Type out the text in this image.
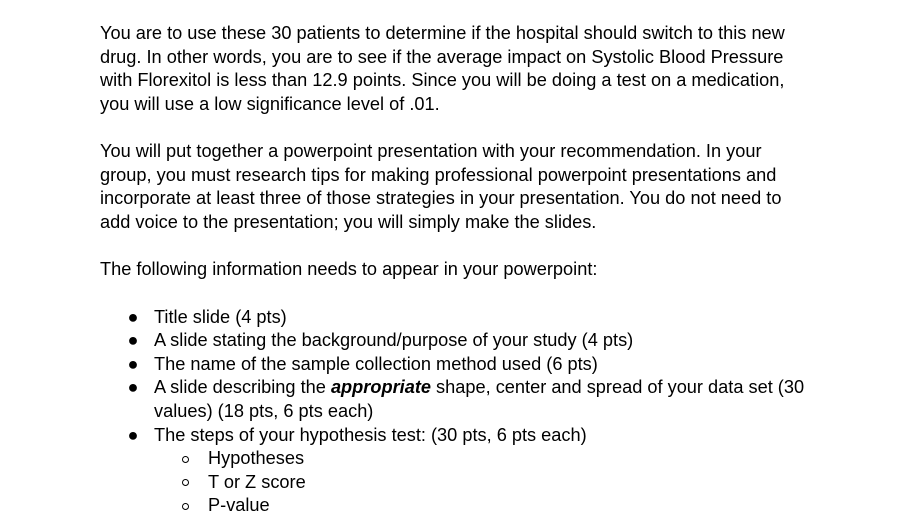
You are to use these 30 patients to determine if the hospital should switch to this new drug. In other words, you are to see if the average impact on Systolic Blood Pressure with Florexitol is less than 12.9 points. Since you will be doing a test on a medication, you will use a low significance level of .01.

You will put together a powerpoint presentation with your recommendation. In your group, you must research tips for making professional powerpoint presentations and incorporate at least three of those strategies in your presentation. You do not need to add voice to the presentation; you will simply make the slides.

The following information needs to appear in your powerpoint:

● Title slide (4 pts)
● A slide stating the background/purpose of your study (4 pts)
● The name of the sample collection method used (6 pts)
● A slide describing the appropriate shape, center and spread of your data set (30 values) (18 pts, 6 pts each)
● The steps of your hypothesis test: (30 pts, 6 pts each)
Hypotheses
T or Z score
P-value
